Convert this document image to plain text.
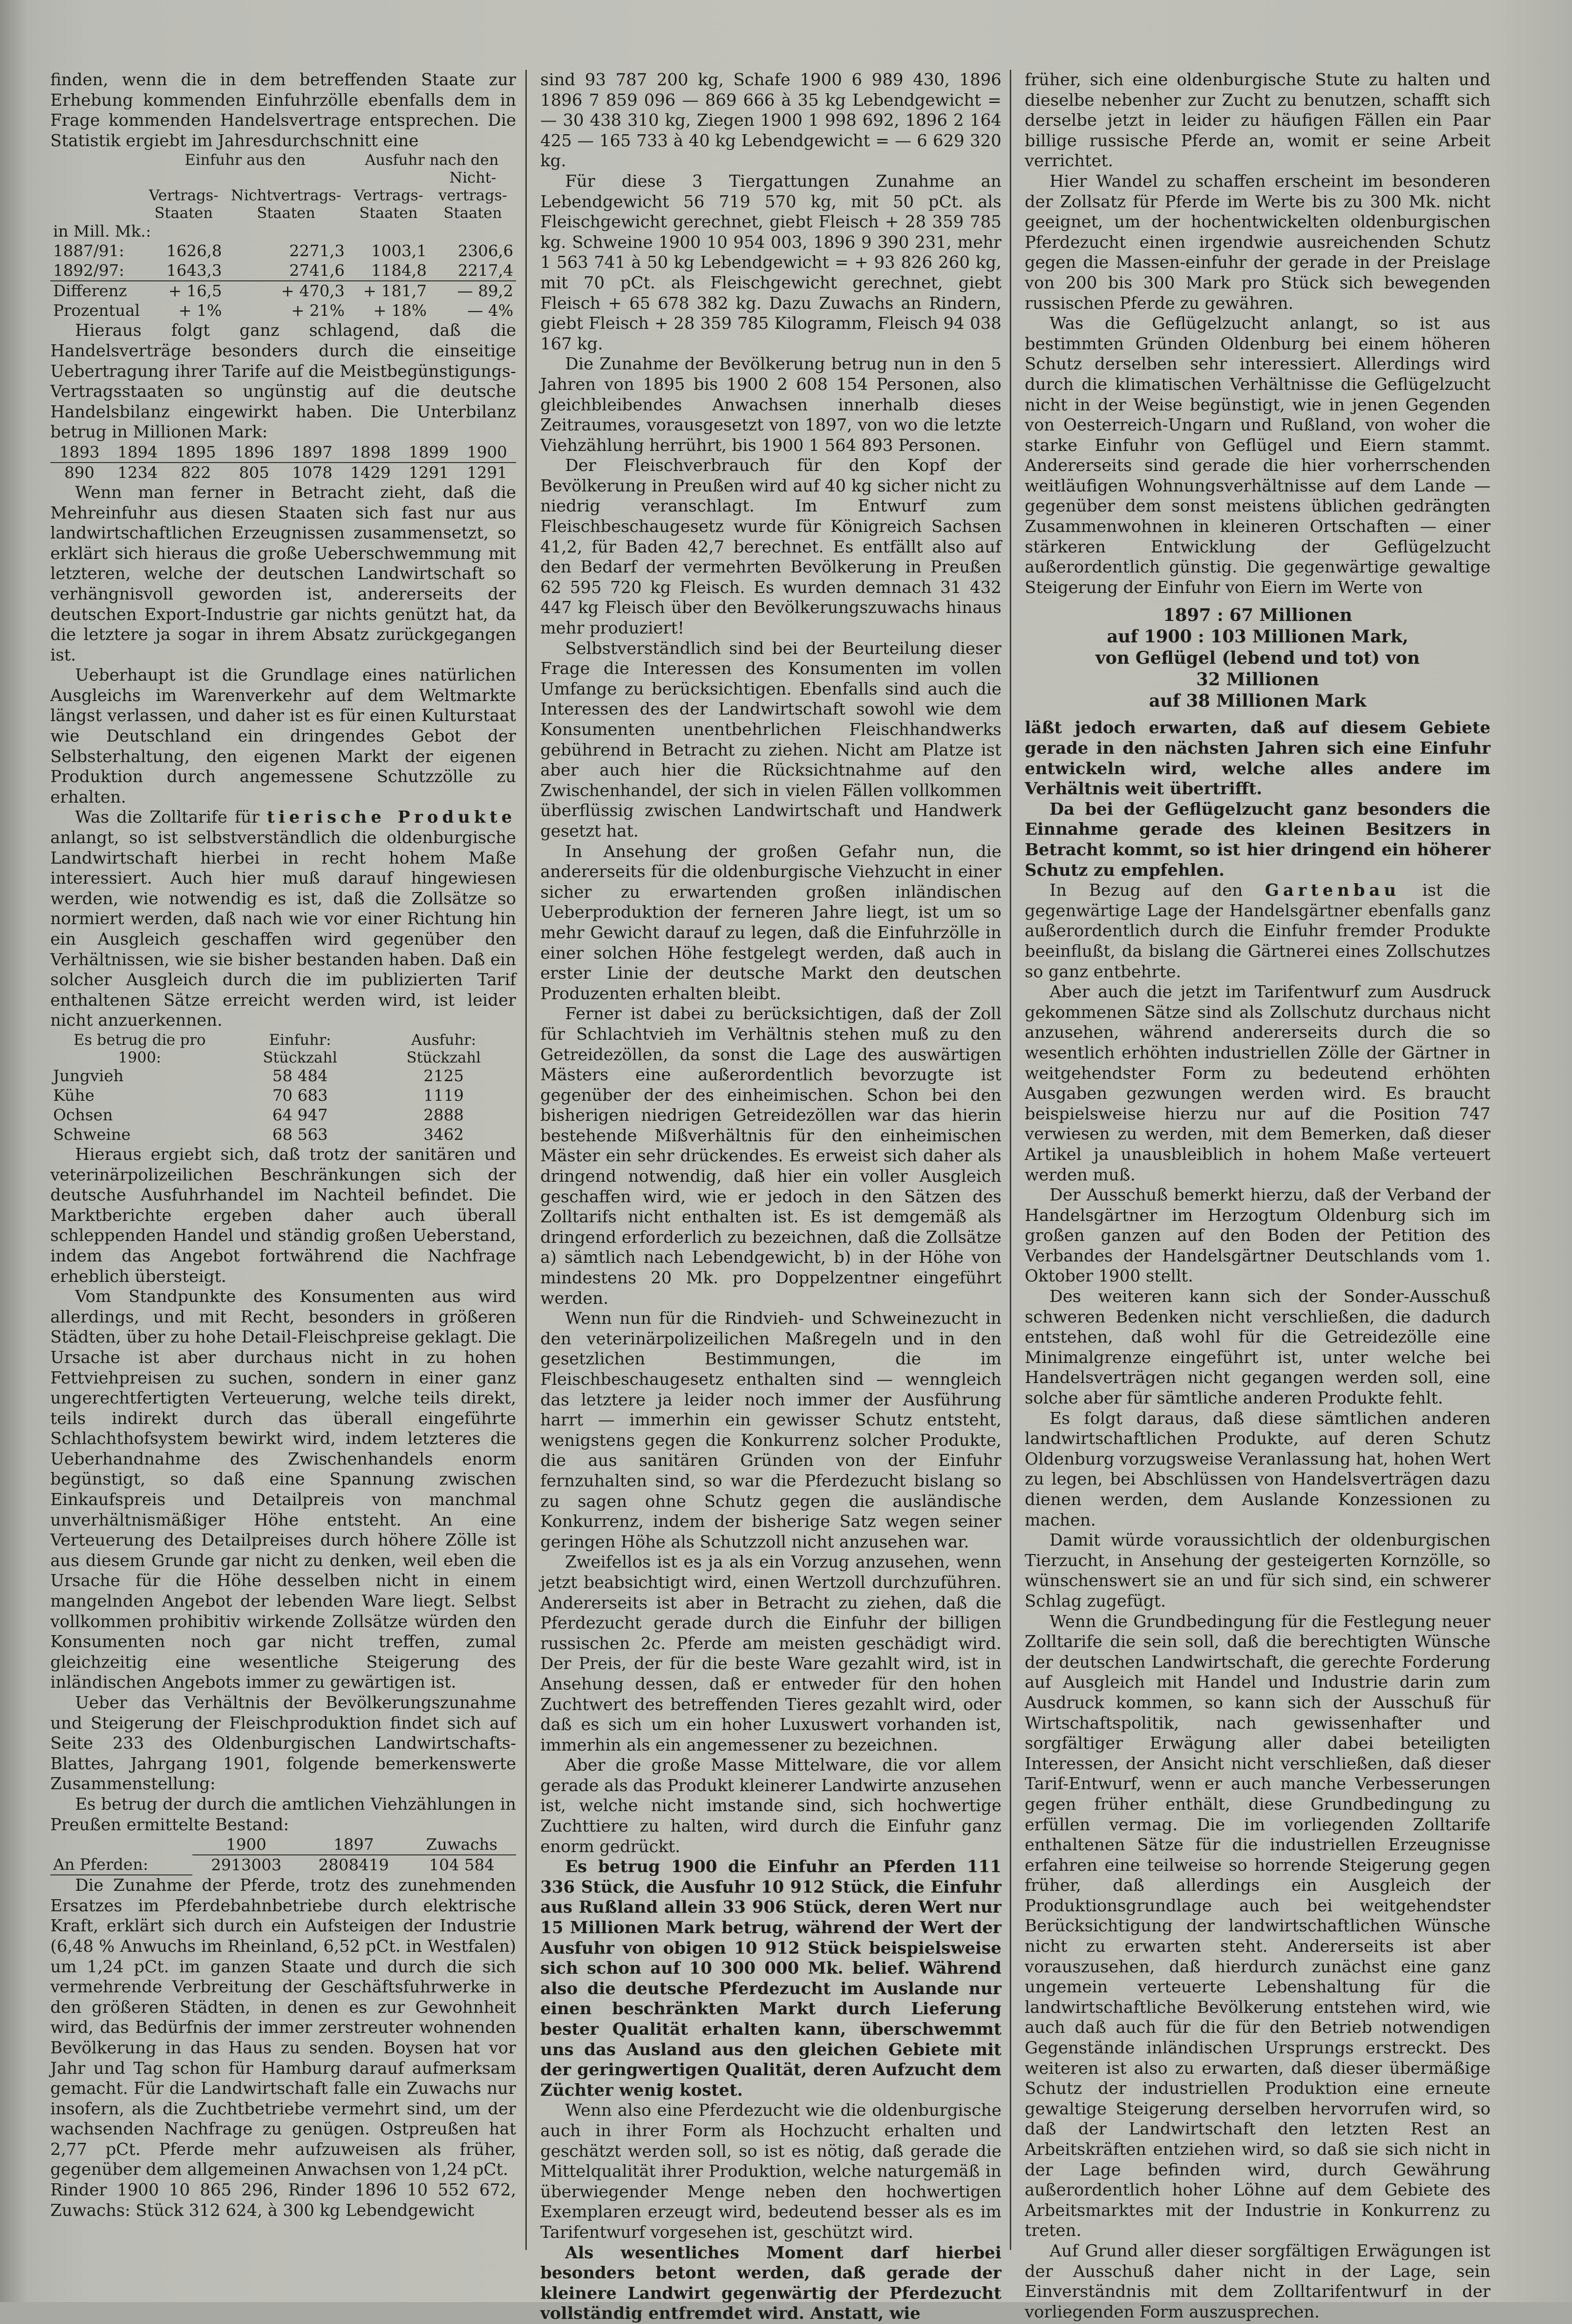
finden, wenn die in dem betreffenden Staate zur Erhebung kommenden Einfuhrzölle ebenfalls dem in Frage kommenden Handelsvertrage entsprechen. Die Statistik ergiebt im Jahresdurchschnitt eine

	Einfuhr aus den		Ausfuhr nach den	
	Vertrags-Staaten	Nichtvertrags-Staaten	Vertrags-Staaten	Nicht-vertrags-Staaten
in Mill. Mk.:				
1887/91:	1626,8	2271,3	1003,1	2306,6
1892/97:	1643,3	2741,6	1184,8	2217,4
Differenz	+ 16,5	+ 470,3	+ 181,7	— 89,2
Prozentual	+ 1%	+ 21%	+ 18%	— 4%

Hieraus folgt ganz schlagend, daß die Handelsverträge besonders durch die einseitige Uebertragung ihrer Tarife auf die Meistbegünstigungs-Vertragsstaaten so ungünstig auf die deutsche Handelsbilanz eingewirkt haben. Die Unterbilanz betrug in Millionen Mark:

1893	1894	1895	1896	1897	1898	1899	1900
890	1234	822	805	1078	1429	1291	1291

Wenn man ferner in Betracht zieht, daß die Mehreinfuhr aus diesen Staaten sich fast nur aus landwirtschaftlichen Erzeugnissen zusammensetzt, so erklärt sich hieraus die große Ueberschwemmung mit letzteren, welche der deutschen Landwirtschaft so verhängnisvoll geworden ist, andererseits der deutschen Export-Industrie gar nichts genützt hat, da die letztere ja sogar in ihrem Absatz zurückgegangen ist.

Ueberhaupt ist die Grundlage eines natürlichen Ausgleichs im Warenverkehr auf dem Weltmarkte längst verlassen, und daher ist es für einen Kulturstaat wie Deutschland ein dringendes Gebot der Selbsterhaltung, den eigenen Markt der eigenen Produktion durch angemessene Schutzzölle zu erhalten.

Was die Zolltarife für tierische Produkte anlangt, so ist selbstverständlich die oldenburgische Landwirtschaft hierbei in recht hohem Maße interessiert. Auch hier muß darauf hingewiesen werden, wie notwendig es ist, daß die Zollsätze so normiert werden, daß nach wie vor einer Richtung hin ein Ausgleich geschaffen wird gegenüber den Verhältnissen, wie sie bisher bestanden haben. Daß ein solcher Ausgleich durch die im publizierten Tarif enthaltenen Sätze erreicht werden wird, ist leider nicht anzuerkennen.

Es betrug die pro 1900:	Einfuhr: Stückzahl	Ausfuhr: Stückzahl
Jungvieh	58 484	2125
Kühe	70 683	1119
Ochsen	64 947	2888
Schweine	68 563	3462

Hieraus ergiebt sich, daß trotz der sanitären und veterinärpolizeilichen Beschränkungen sich der deutsche Ausfuhrhandel im Nachteil befindet. Die Marktberichte ergeben daher auch überall schleppenden Handel und ständig großen Ueberstand, indem das Angebot fortwährend die Nachfrage erheblich übersteigt.

Vom Standpunkte des Konsumenten aus wird allerdings, und mit Recht, besonders in größeren Städten, über zu hohe Detail-Fleischpreise geklagt. Die Ursache ist aber durchaus nicht in zu hohen Fettviehpreisen zu suchen, sondern in einer ganz ungerechtfertigten Verteuerung, welche teils direkt, teils indirekt durch das überall eingeführte Schlachthofsystem bewirkt wird, indem letzteres die Ueberhandnahme des Zwischenhandels enorm begünstigt, so daß eine Spannung zwischen Einkaufspreis und Detailpreis von manchmal unverhältnismäßiger Höhe entsteht. An eine Verteuerung des Detailpreises durch höhere Zölle ist aus diesem Grunde gar nicht zu denken, weil eben die Ursache für die Höhe desselben nicht in einem mangelnden Angebot der lebenden Ware liegt. Selbst vollkommen prohibitiv wirkende Zollsätze würden den Konsumenten noch gar nicht treffen, zumal gleichzeitig eine wesentliche Steigerung des inländischen Angebots immer zu gewärtigen ist.

Ueber das Verhältnis der Bevölkerungszunahme und Steigerung der Fleischproduktion findet sich auf Seite 233 des Oldenburgischen Landwirtschafts-Blattes, Jahrgang 1901, folgende bemerkenswerte Zusammenstellung:

Es betrug der durch die amtlichen Viehzählungen in Preußen ermittelte Bestand:

An Pferden:	1900	1897	Zuwachs
	2913003	2808419	104 584

Die Zunahme der Pferde, trotz des zunehmenden Ersatzes im Pferdebahnbetriebe durch elektrische Kraft, erklärt sich durch ein Aufsteigen der Industrie (6,48 % Anwuchs im Rheinland, 6,52 pCt. in Westfalen) um 1,24 pCt. im ganzen Staate und durch die sich vermehrende Verbreitung der Geschäftsfuhrwerke in den größeren Städten, in denen es zur Gewohnheit wird, das Bedürfnis der immer zerstreuter wohnenden Bevölkerung in das Haus zu senden. Boysen hat vor Jahr und Tag schon für Hamburg darauf aufmerksam gemacht. Für die Landwirtschaft falle ein Zuwachs nur insofern, als die Zuchtbetriebe vermehrt sind, um der wachsenden Nachfrage zu genügen. Ostpreußen hat 2,77 pCt. Pferde mehr aufzuweisen als früher, gegenüber dem allgemeinen Anwachsen von 1,24 pCt.

Rinder 1900 10 865 296, Rinder 1896 10 552 672, Zuwachs: Stück 312 624, à 300 kg Lebendgewicht

sind 93 787 200 kg, Schafe 1900 6 989 430, 1896 1896 7 859 096 — 869 666 à 35 kg Lebendgewicht = — 30 438 310 kg, Ziegen 1900 1 998 692, 1896 2 164 425 — 165 733 à 40 kg Lebendgewicht = — 6 629 320 kg.

Für diese 3 Tiergattungen Zunahme an Lebendgewicht 56 719 570 kg, mit 50 pCt. als Fleischgewicht gerechnet, giebt Fleisch + 28 359 785 kg. Schweine 1900 10 954 003, 1896 9 390 231, mehr 1 563 741 à 50 kg Lebendgewicht = + 93 826 260 kg, mit 70 pCt. als Fleischgewicht gerechnet, giebt Fleisch + 65 678 382 kg. Dazu Zuwachs an Rindern, giebt Fleisch + 28 359 785 Kilogramm, Fleisch 94 038 167 kg.

Die Zunahme der Bevölkerung betrug nun in den 5 Jahren von 1895 bis 1900 2 608 154 Personen, also gleichbleibendes Anwachsen innerhalb dieses Zeitraumes, vorausgesetzt von 1897, von wo die letzte Viehzählung herrührt, bis 1900 1 564 893 Personen.

Der Fleischverbrauch für den Kopf der Bevölkerung in Preußen wird auf 40 kg sicher nicht zu niedrig veranschlagt. Im Entwurf zum Fleischbeschaugesetz wurde für Königreich Sachsen 41,2, für Baden 42,7 berechnet. Es entfällt also auf den Bedarf der vermehrten Bevölkerung in Preußen 62 595 720 kg Fleisch. Es wurden demnach 31 432 447 kg Fleisch über den Bevölkerungszuwachs hinaus mehr produziert!

Selbstverständlich sind bei der Beurteilung dieser Frage die Interessen des Konsumenten im vollen Umfange zu berücksichtigen. Ebenfalls sind auch die Interessen des der Landwirtschaft sowohl wie dem Konsumenten unentbehrlichen Fleischhandwerks gebührend in Betracht zu ziehen. Nicht am Platze ist aber auch hier die Rücksichtnahme auf den Zwischenhandel, der sich in vielen Fällen vollkommen überflüssig zwischen Landwirtschaft und Handwerk gesetzt hat.

In Ansehung der großen Gefahr nun, die andererseits für die oldenburgische Viehzucht in einer sicher zu erwartenden großen inländischen Ueberproduktion der ferneren Jahre liegt, ist um so mehr Gewicht darauf zu legen, daß die Einfuhrzölle in einer solchen Höhe festgelegt werden, daß auch in erster Linie der deutsche Markt den deutschen Produzenten erhalten bleibt.

Ferner ist dabei zu berücksichtigen, daß der Zoll für Schlachtvieh im Verhältnis stehen muß zu den Getreidezöllen, da sonst die Lage des auswärtigen Mästers eine außerordentlich bevorzugte ist gegenüber der des einheimischen. Schon bei den bisherigen niedrigen Getreidezöllen war das hierin bestehende Mißverhältnis für den einheimischen Mäster ein sehr drückendes. Es erweist sich daher als dringend notwendig, daß hier ein voller Ausgleich geschaffen wird, wie er jedoch in den Sätzen des Zolltarifs nicht enthalten ist. Es ist demgemäß als dringend erforderlich zu bezeichnen, daß die Zollsätze a) sämtlich nach Lebendgewicht, b) in der Höhe von mindestens 20 Mk. pro Doppelzentner eingeführt werden.

Wenn nun für die Rindvieh- und Schweinezucht in den veterinärpolizeilichen Maßregeln und in den gesetzlichen Bestimmungen, die im Fleischbeschaugesetz enthalten sind — wenngleich das letztere ja leider noch immer der Ausführung harrt — immerhin ein gewisser Schutz entsteht, wenigstens gegen die Konkurrenz solcher Produkte, die aus sanitären Gründen von der Einfuhr fernzuhalten sind, so war die Pferdezucht bislang so zu sagen ohne Schutz gegen die ausländische Konkurrenz, indem der bisherige Satz wegen seiner geringen Höhe als Schutzzoll nicht anzusehen war.

Zweifellos ist es ja als ein Vorzug anzusehen, wenn jetzt beabsichtigt wird, einen Wertzoll durchzuführen. Andererseits ist aber in Betracht zu ziehen, daß die Pferdezucht gerade durch die Einfuhr der billigen russischen 2c. Pferde am meisten geschädigt wird. Der Preis, der für die beste Ware gezahlt wird, ist in Ansehung dessen, daß er entweder für den hohen Zuchtwert des betreffenden Tieres gezahlt wird, oder daß es sich um ein hoher Luxuswert vorhanden ist, immerhin als ein angemessener zu bezeichnen.

Aber die große Masse Mittelware, die vor allem gerade als das Produkt kleinerer Landwirte anzusehen ist, welche nicht imstande sind, sich hochwertige Zuchttiere zu halten, wird durch die Einfuhr ganz enorm gedrückt.

Es betrug 1900 die Einfuhr an Pferden 111 336 Stück, die Ausfuhr 10 912 Stück, die Einfuhr aus Rußland allein 33 906 Stück, deren Wert nur 15 Millionen Mark betrug, während der Wert der Ausfuhr von obigen 10 912 Stück beispielsweise sich schon auf 10 300 000 Mk. belief. Während also die deutsche Pferdezucht im Auslande nur einen beschränkten Markt durch Lieferung bester Qualität erhalten kann, überschwemmt uns das Ausland aus den gleichen Gebiete mit der geringwertigen Qualität, deren Aufzucht dem Züchter wenig kostet.

Wenn also eine Pferdezucht wie die oldenburgische auch in ihrer Form als Hochzucht erhalten und geschätzt werden soll, so ist es nötig, daß gerade die Mittelqualität ihrer Produktion, welche naturgemäß in überwiegender Menge neben den hochwertigen Exemplaren erzeugt wird, bedeutend besser als es im Tarifentwurf vorgesehen ist, geschützt wird.

Als wesentliches Moment darf hierbei besonders betont werden, daß gerade der kleinere Landwirt gegenwärtig der Pferdezucht vollständig entfremdet wird. Anstatt, wie

früher, sich eine oldenburgische Stute zu halten und dieselbe nebenher zur Zucht zu benutzen, schafft sich derselbe jetzt in leider zu häufigen Fällen ein Paar billige russische Pferde an, womit er seine Arbeit verrichtet.

Hier Wandel zu schaffen erscheint im besonderen der Zollsatz für Pferde im Werte bis zu 300 Mk. nicht geeignet, um der hochentwickelten oldenburgischen Pferdezucht einen irgendwie ausreichenden Schutz gegen die Massen-einfuhr der gerade in der Preislage von 200 bis 300 Mark pro Stück sich bewegenden russischen Pferde zu gewähren.

Was die Geflügelzucht anlangt, so ist aus bestimmten Gründen Oldenburg bei einem höheren Schutz derselben sehr interessiert. Allerdings wird durch die klimatischen Verhältnisse die Geflügelzucht nicht in der Weise begünstigt, wie in jenen Gegenden von Oesterreich-Ungarn und Rußland, von woher die starke Einfuhr von Geflügel und Eiern stammt. Andererseits sind gerade die hier vorherrschenden weitläufigen Wohnungsverhältnisse auf dem Lande — gegenüber dem sonst meistens üblichen gedrängten Zusammenwohnen in kleineren Ortschaften — einer stärkeren Entwicklung der Geflügelzucht außerordentlich günstig. Die gegenwärtige gewaltige Steigerung der Einfuhr von Eiern im Werte von

1897 : 67 Millionen

auf 1900 : 103 Millionen Mark,

von Geflügel (lebend und tot) von

32 Millionen

auf 38 Millionen Mark

läßt jedoch erwarten, daß auf diesem Gebiete gerade in den nächsten Jahren sich eine Einfuhr entwickeln wird, welche alles andere im Verhältnis weit übertrifft.

Da bei der Geflügelzucht ganz besonders die Einnahme gerade des kleinen Besitzers in Betracht kommt, so ist hier dringend ein höherer Schutz zu empfehlen.

In Bezug auf den Gartenbau ist die gegenwärtige Lage der Handelsgärtner ebenfalls ganz außerordentlich durch die Einfuhr fremder Produkte beeinflußt, da bislang die Gärtnerei eines Zollschutzes so ganz entbehrte.

Aber auch die jetzt im Tarifentwurf zum Ausdruck gekommenen Sätze sind als Zollschutz durchaus nicht anzusehen, während andererseits durch die so wesentlich erhöhten industriellen Zölle der Gärtner in weitgehendster Form zu bedeutend erhöhten Ausgaben gezwungen werden wird. Es braucht beispielsweise hierzu nur auf die Position 747 verwiesen zu werden, mit dem Bemerken, daß dieser Artikel ja unausbleiblich in hohem Maße verteuert werden muß.

Der Ausschuß bemerkt hierzu, daß der Verband der Handelsgärtner im Herzogtum Oldenburg sich im großen ganzen auf den Boden der Petition des Verbandes der Handelsgärtner Deutschlands vom 1. Oktober 1900 stellt.

Des weiteren kann sich der Sonder-Ausschuß schweren Bedenken nicht verschließen, die dadurch entstehen, daß wohl für die Getreidezölle eine Minimalgrenze eingeführt ist, unter welche bei Handelsverträgen nicht gegangen werden soll, eine solche aber für sämtliche anderen Produkte fehlt.

Es folgt daraus, daß diese sämtlichen anderen landwirtschaftlichen Produkte, auf deren Schutz Oldenburg vorzugsweise Veranlassung hat, hohen Wert zu legen, bei Abschlüssen von Handelsverträgen dazu dienen werden, dem Auslande Konzessionen zu machen.

Damit würde voraussichtlich der oldenburgischen Tierzucht, in Ansehung der gesteigerten Kornzölle, so wünschenswert sie an und für sich sind, ein schwerer Schlag zugefügt.

Wenn die Grundbedingung für die Festlegung neuer Zolltarife die sein soll, daß die berechtigten Wünsche der deutschen Landwirtschaft, die gerechte Forderung auf Ausgleich mit Handel und Industrie darin zum Ausdruck kommen, so kann sich der Ausschuß für Wirtschaftspolitik, nach gewissenhafter und sorgfältiger Erwägung aller dabei beteiligten Interessen, der Ansicht nicht verschließen, daß dieser Tarif-Entwurf, wenn er auch manche Verbesserungen gegen früher enthält, diese Grundbedingung zu erfüllen vermag. Die im vorliegenden Zolltarife enthaltenen Sätze für die industriellen Erzeugnisse erfahren eine teilweise so horrende Steigerung gegen früher, daß allerdings ein Ausgleich der Produktionsgrundlage auch bei weitgehendster Berücksichtigung der landwirtschaftlichen Wünsche nicht zu erwarten steht. Andererseits ist aber vorauszusehen, daß hierdurch zunächst eine ganz ungemein verteuerte Lebenshaltung für die landwirtschaftliche Bevölkerung entstehen wird, wie auch daß auch für die für den Betrieb notwendigen Gegenstände inländischen Ursprungs erstreckt. Des weiteren ist also zu erwarten, daß dieser übermäßige Schutz der industriellen Produktion eine erneute gewaltige Steigerung derselben hervorrufen wird, so daß der Landwirtschaft den letzten Rest an Arbeitskräften entziehen wird, so daß sie sich nicht in der Lage befinden wird, durch Gewährung außerordentlich hoher Löhne auf dem Gebiete des Arbeitsmarktes mit der Industrie in Konkurrenz zu treten.

Auf Grund aller dieser sorgfältigen Erwägungen ist der Ausschuß daher nicht in der Lage, sein Einverständnis mit dem Zolltarifentwurf in der vorliegenden Form auszusprechen.
